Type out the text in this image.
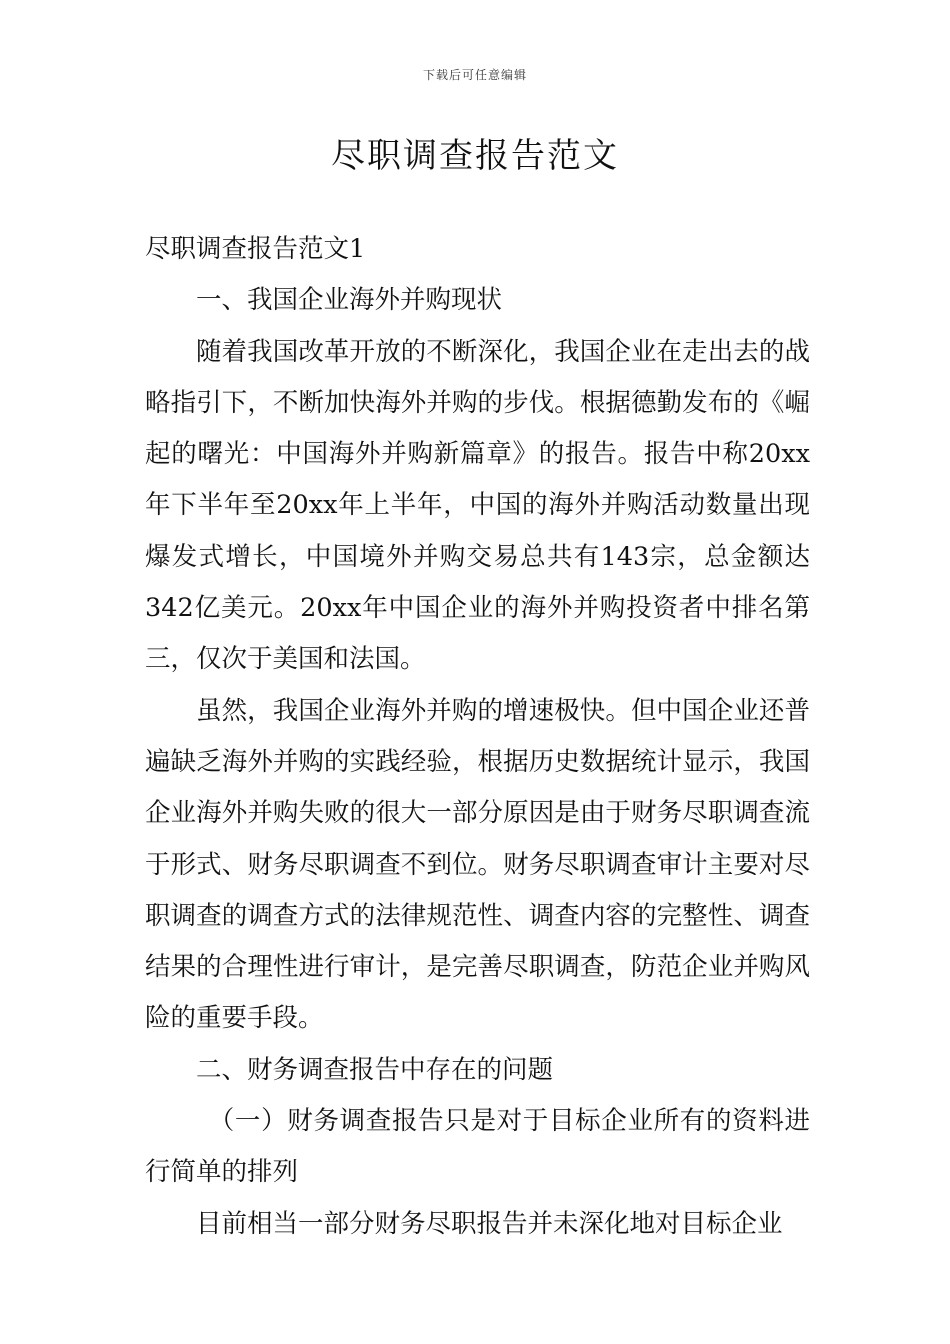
下载后可任意编辑
尽职调查报告范文

尽职调查报告范文1

一、我国企业海外并购现状

随着我国改革开放的不断深化，我国企业在走出去的战略指引下，不断加快海外并购的步伐。根据德勤发布的《崛起的曙光：中国海外并购新篇章》的报告。报告中称20xx年下半年至20xx年上半年，中国的海外并购活动数量出现爆发式增长，中国境外并购交易总共有143宗，总金额达342亿美元。20xx年中国企业的海外并购投资者中排名第三，仅次于美国和法国。

虽然，我国企业海外并购的增速极快。但中国企业还普遍缺乏海外并购的实践经验，根据历史数据统计显示，我国企业海外并购失败的很大一部分原因是由于财务尽职调查流于形式、财务尽职调查不到位。财务尽职调查审计主要对尽职调查的调查方式的法律规范性、调查内容的完整性、调查结果的合理性进行审计，是完善尽职调查，防范企业并购风险的重要手段。

二、财务调查报告中存在的问题

（一）财务调查报告只是对于目标企业所有的资料进行简单的排列

目前相当一部分财务尽职报告并未深化地对目标企业
